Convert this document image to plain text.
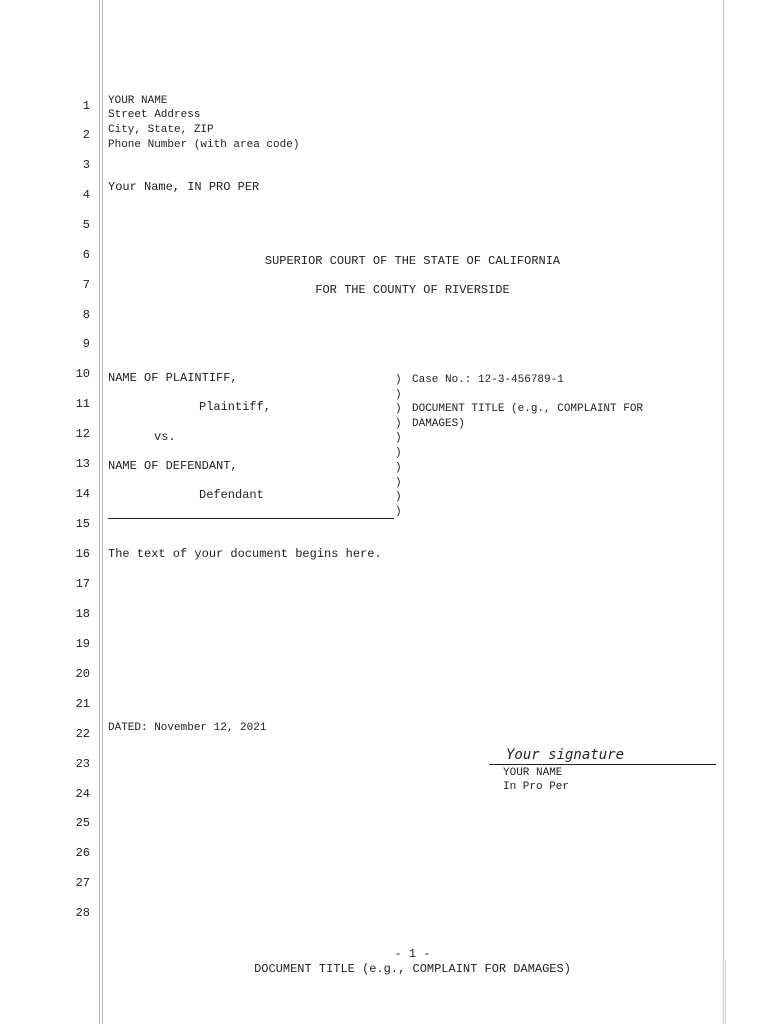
1
2
3
4
5
6
7
8
9
10
11
12
13
14
15
16
17
18
19
20
21
22
23
24
25
26
27
28
YOUR NAME
Street Address
City, State, ZIP
Phone Number (with area code)
Your Name, IN PRO PER
SUPERIOR COURT OF THE STATE OF CALIFORNIA
FOR THE COUNTY OF RIVERSIDE
NAME OF PLAINTIFF,
Plaintiff,
vs.
NAME OF DEFENDANT,
Defendant
)
)
)
)
)
)
)
)
)
)
Case No.: 12-3-456789-1
DOCUMENT TITLE (e.g., COMPLAINT FOR
DAMAGES)
The text of your document begins here.
DATED: November 12, 2021
Your signature
YOUR NAME
In Pro Per
- 1 -
DOCUMENT TITLE (e.g., COMPLAINT FOR DAMAGES)
